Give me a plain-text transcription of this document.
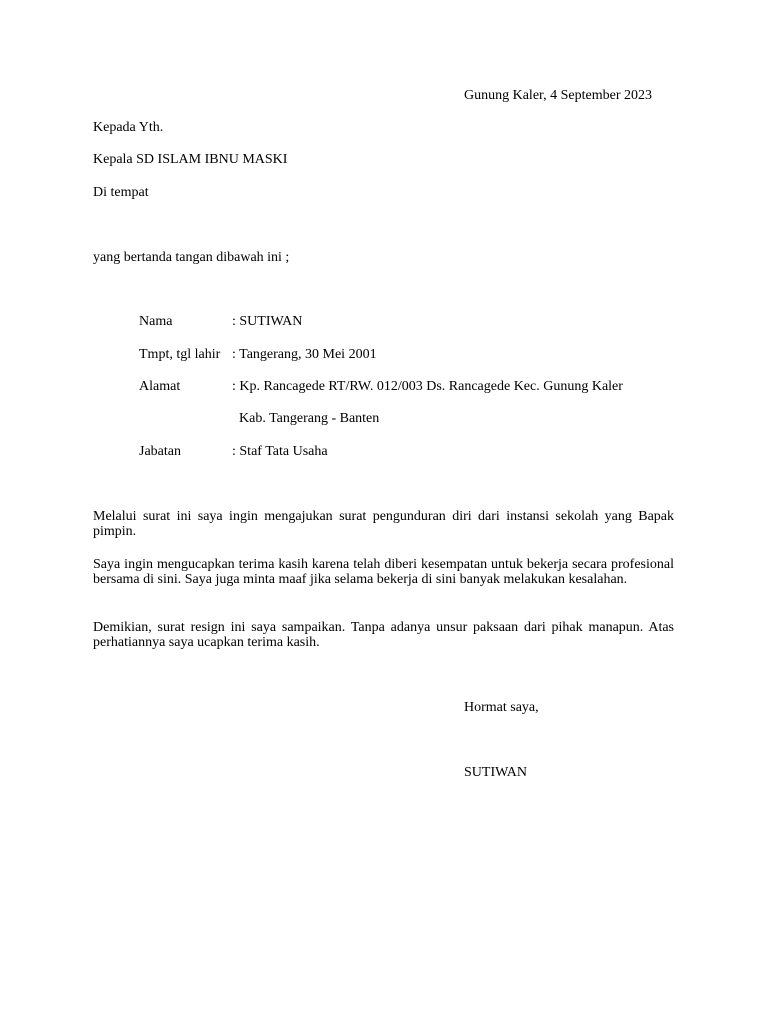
Gunung Kaler, 4 September 2023
Kepada Yth.
Kepala SD ISLAM IBNU MASKI
Di tempat
yang bertanda tangan dibawah ini ;
Nama	: SUTIWAN
Tmpt, tgl lahir : Tangerang, 30 Mei 2001
Alamat	: Kp. Rancagede RT/RW. 012/003 Ds. Rancagede Kec. Gunung Kaler
Kab. Tangerang - Banten
Jabatan	: Staf Tata Usaha
Melalui surat ini saya ingin mengajukan surat pengunduran diri dari instansi sekolah yang Bapak pimpin.
Saya ingin mengucapkan terima kasih karena telah diberi kesempatan untuk bekerja secara profesional bersama di sini. Saya juga minta maaf jika selama bekerja di sini banyak melakukan kesalahan.
Demikian, surat resign ini saya sampaikan. Tanpa adanya unsur paksaan dari pihak manapun. Atas perhatiannya saya ucapkan terima kasih.
Hormat saya,
SUTIWAN
